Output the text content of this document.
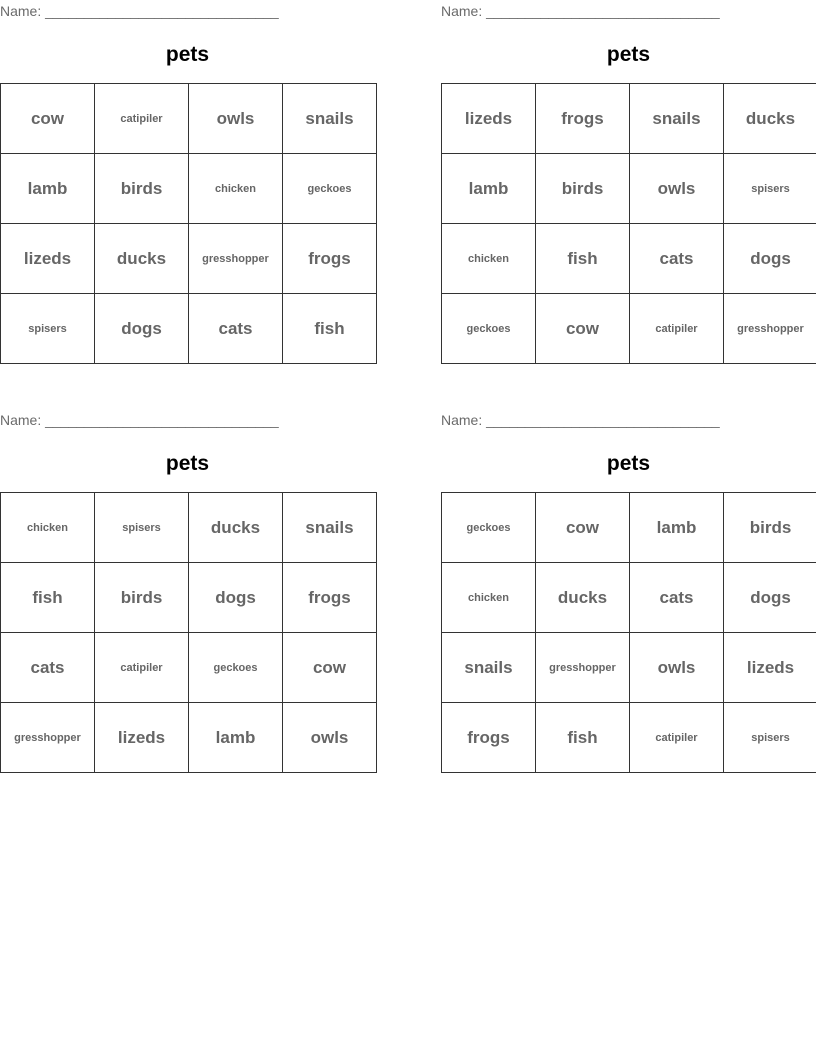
Name: ______________________________
pets
cow	catipiler	owls	snails
lamb	birds	chicken	geckoes
lizeds	ducks	gresshopper	frogs
spisers	dogs	cats	fish
Name: ______________________________
pets
lizeds	frogs	snails	ducks
lamb	birds	owls	spisers
chicken	fish	cats	dogs
geckoes	cow	catipiler	gresshopper
Name: ______________________________
pets
chicken	spisers	ducks	snails
fish	birds	dogs	frogs
cats	catipiler	geckoes	cow
gresshopper	lizeds	lamb	owls
Name: ______________________________
pets
geckoes	cow	lamb	birds
chicken	ducks	cats	dogs
snails	gresshopper	owls	lizeds
frogs	fish	catipiler	spisers
